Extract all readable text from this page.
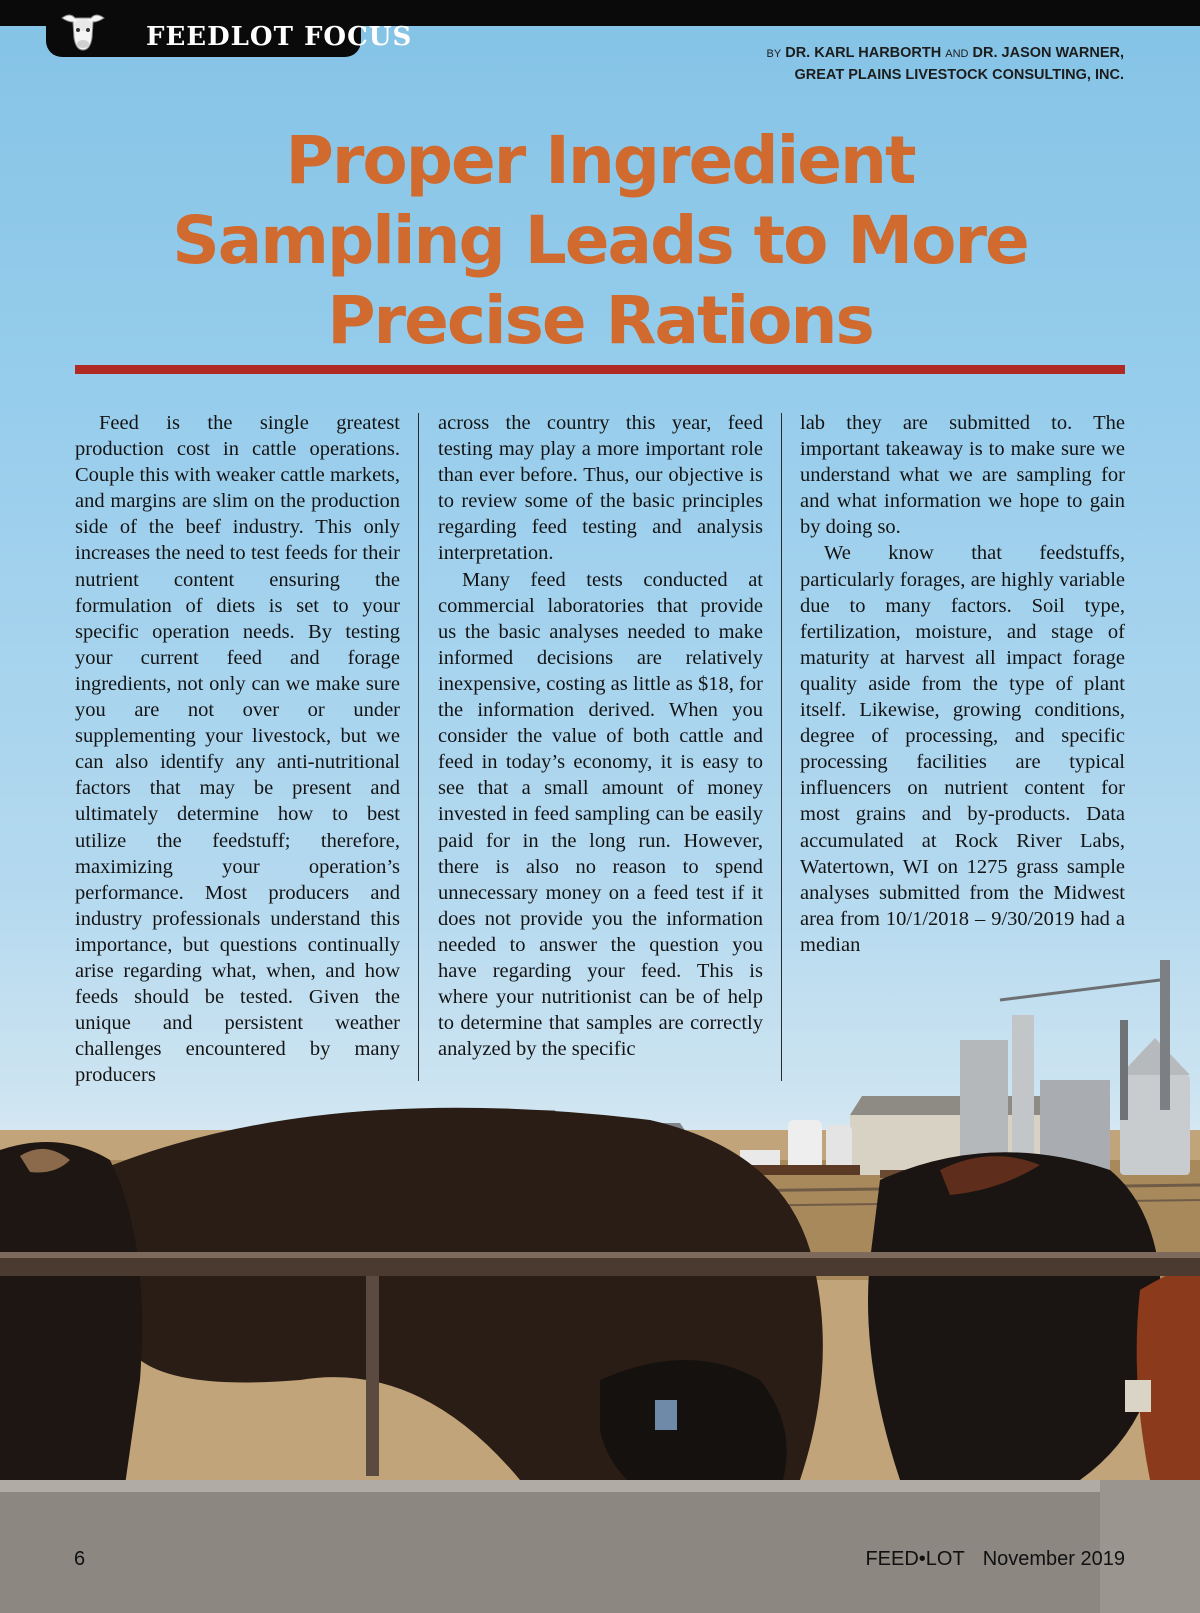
FEEDLOT FOCUS
BY DR. KARL HARBORTH AND DR. JASON WARNER,
GREAT PLAINS LIVESTOCK CONSULTING, INC.
Proper Ingredient
Sampling Leads to More
Precise Rations

Feed is the single greatest production cost in cattle operations. Couple this with weaker cattle markets, and margins are slim on the production side of the beef industry. This only increases the need to test feeds for their nutrient content ensuring the formulation of diets is set to your specific operation needs. By testing your current feed and forage ingredients, not only can we make sure you are not over or under supplementing your livestock, but we can also identify any anti-nutritional factors that may be present and ultimately determine how to best utilize the feedstuff; therefore, maximizing your operation’s performance. Most producers and industry professionals understand this importance, but questions continually arise regarding what, when, and how feeds should be tested. Given the unique and persistent weather challenges encountered by many producers

across the country this year, feed testing may play a more important role than ever before. Thus, our objective is to review some of the basic principles regarding feed testing and analysis interpretation.

Many feed tests conducted at commercial laboratories that provide us the basic analyses needed to make informed decisions are relatively inexpensive, costing as little as $18, for the information derived. When you consider the value of both cattle and feed in today’s economy, it is easy to see that a small amount of money invested in feed sampling can be easily paid for in the long run. However, there is also no reason to spend unnecessary money on a feed test if it does not provide you the information needed to answer the question you have regarding your feed. This is where your nutritionist can be of help to determine that samples are correctly analyzed by the specific

lab they are submitted to. The important takeaway is to make sure we understand what we are sampling for and what information we hope to gain by doing so.

We know that feedstuffs, particularly forages, are highly variable due to many factors. Soil type, fertilization, moisture, and stage of maturity at harvest all impact forage quality aside from the type of plant itself. Likewise, growing conditions, degree of processing, and specific processing facilities are typical influencers on nutrient content for most grains and by-products. Data accumulated at Rock River Labs, Watertown, WI on 1275 grass sample analyses submitted from the Midwest area from 10/1/2018 – 9/30/2019 had a median

6	FEED•LOT November 2019
